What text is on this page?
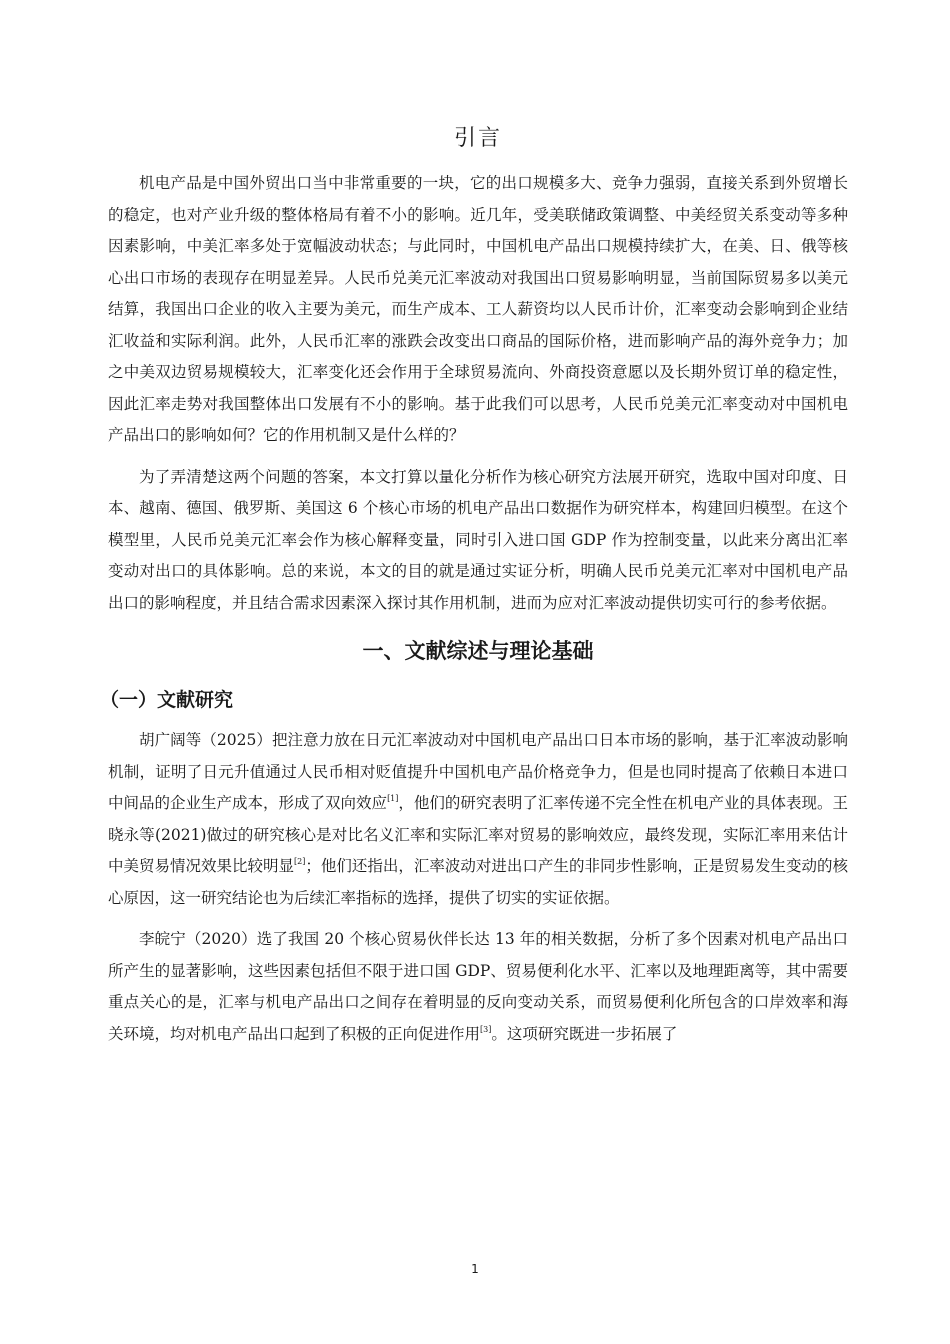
引言

机电产品是中国外贸出口当中非常重要的一块，它的出口规模多大、竞争力强弱，直接关系到外贸增长的稳定，也对产业升级的整体格局有着不小的影响。近几年，受美联储政策调整、中美经贸关系变动等多种因素影响，中美汇率多处于宽幅波动状态；与此同时，中国机电产品出口规模持续扩大，在美、日、俄等核心出口市场的表现存在明显差异。人民币兑美元汇率波动对我国出口贸易影响明显，当前国际贸易多以美元结算，我国出口企业的收入主要为美元，而生产成本、工人薪资均以人民币计价，汇率变动会影响到企业结汇收益和实际利润。此外，人民币汇率的涨跌会改变出口商品的国际价格，进而影响产品的海外竞争力；加之中美双边贸易规模较大，汇率变化还会作用于全球贸易流向、外商投资意愿以及长期外贸订单的稳定性，因此汇率走势对我国整体出口发展有不小的影响。基于此我们可以思考，人民币兑美元汇率变动对中国机电产品出口的影响如何？它的作用机制又是什么样的？

为了弄清楚这两个问题的答案，本文打算以量化分析作为核心研究方法展开研究，选取中国对印度、日本、越南、德国、俄罗斯、美国这 6 个核心市场的机电产品出口数据作为研究样本，构建回归模型。在这个模型里，人民币兑美元汇率会作为核心解释变量，同时引入进口国 GDP 作为控制变量，以此来分离出汇率变动对出口的具体影响。总的来说，本文的目的就是通过实证分析，明确人民币兑美元汇率对中国机电产品出口的影响程度，并且结合需求因素深入探讨其作用机制，进而为应对汇率波动提供切实可行的参考依据。

一、文献综述与理论基础
（一）文献研究

胡广阔等（2025）把注意力放在日元汇率波动对中国机电产品出口日本市场的影响，基于汇率波动影响机制，证明了日元升值通过人民币相对贬值提升中国机电产品价格竞争力，但是也同时提高了依赖日本进口中间品的企业生产成本，形成了双向效应[1]，他们的研究表明了汇率传递不完全性在机电产业的具体表现。王晓永等(2021)做过的研究核心是对比名义汇率和实际汇率对贸易的影响效应，最终发现，实际汇率用来估计中美贸易情况效果比较明显[2]；他们还指出，汇率波动对进出口产生的非同步性影响，正是贸易发生变动的核心原因，这一研究结论也为后续汇率指标的选择，提供了切实的实证依据。

李皖宁（2020）选了我国 20 个核心贸易伙伴长达 13 年的相关数据，分析了多个因素对机电产品出口所产生的显著影响，这些因素包括但不限于进口国 GDP、贸易便利化水平、汇率以及地理距离等，其中需要重点关心的是，汇率与机电产品出口之间存在着明显的反向变动关系，而贸易便利化所包含的口岸效率和海关环境，均对机电产品出口起到了积极的正向促进作用[3]。这项研究既进一步拓展了

1
